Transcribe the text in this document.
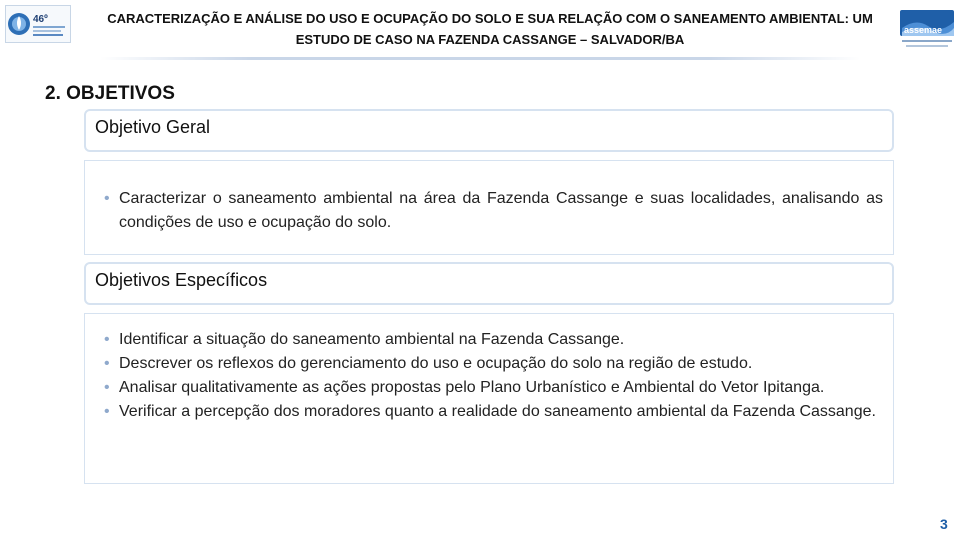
46º	CARACTERIZAÇÃO E ANÁLISE DO USO E OCUPAÇÃO DO SOLO E SUA RELAÇÃO COM O SANEAMENTO AMBIENTAL: UM ESTUDO DE CASO NA FAZENDA CASSANGE – SALVADOR/BA
assemae
2. OBJETIVOS
Objetivo Geral
• Caracterizar o saneamento ambiental na área da Fazenda Cassange e suas localidades, analisando as condições de uso e ocupação do solo.
Objetivos Específicos
• Identificar a situação do saneamento ambiental na Fazenda Cassange.
• Descrever os reflexos do gerenciamento do uso e ocupação do solo na região de estudo.
• Analisar qualitativamente as ações propostas pelo Plano Urbanístico e Ambiental do Vetor Ipitanga.
• Verificar a percepção dos moradores quanto a realidade do saneamento ambiental da Fazenda Cassange.
3
